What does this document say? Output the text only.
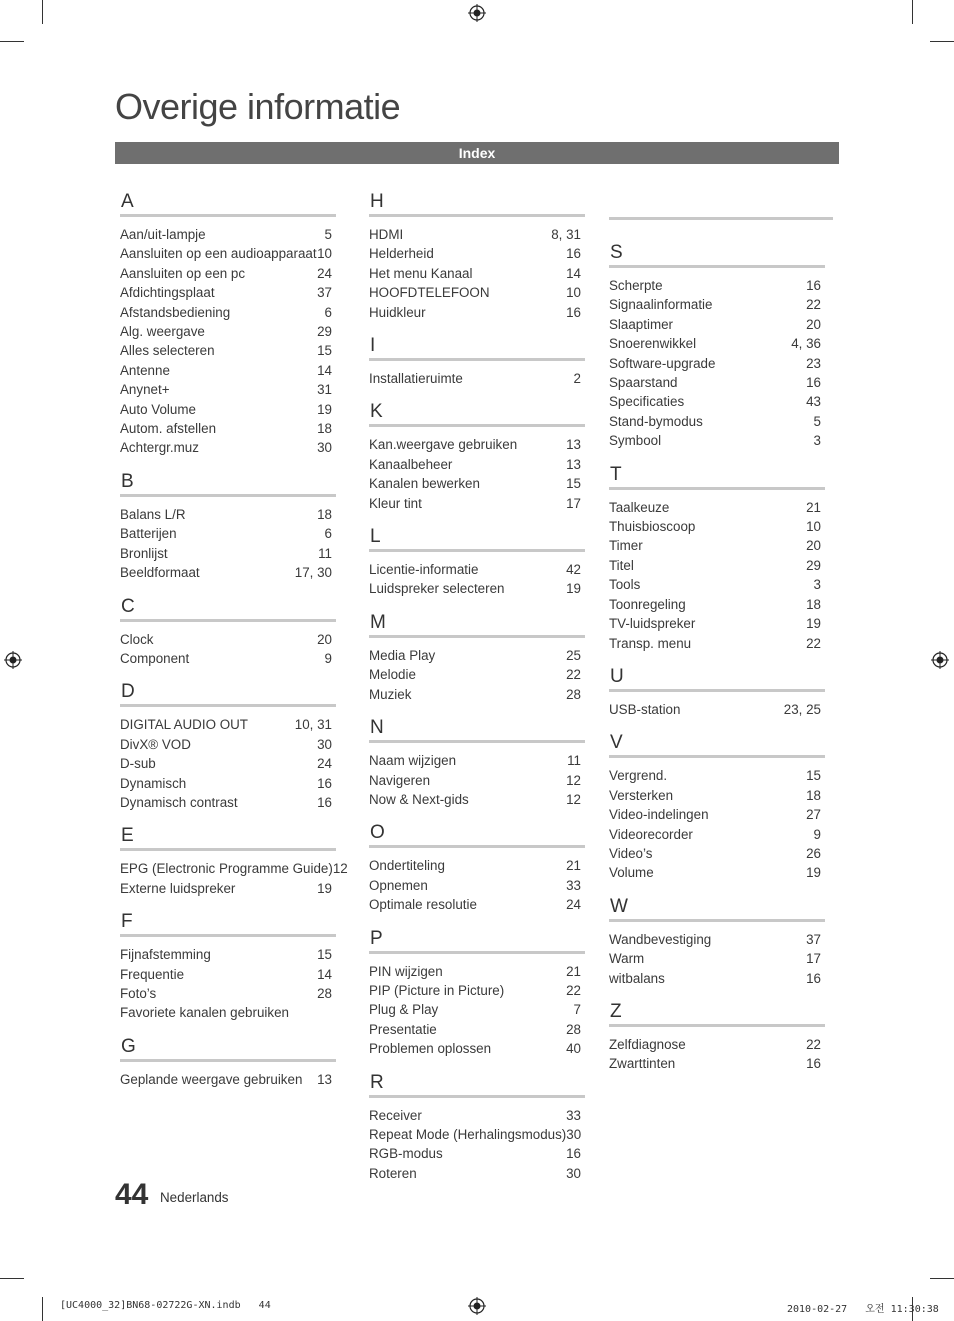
Overige informatie
Index
A
Aan/uit-lampje	5
Aansluiten op een audioapparaat 10
Aansluiten op een pc	24
Afdichtingsplaat	37
Afstandsbediening	6
Alg. weergave	29
Alles selecteren	15
Antenne	14
Anynet+	31
Auto Volume	19
Autom. afstellen	18
Achtergr.muz	30
B
Balans L/R	18
Batterijen	6
Bronlijst	11
Beeldformaat	17, 30
C
Clock	20
Component	9
D
DIGITAL AUDIO OUT	10, 31
DivX® VOD	30
D-sub	24
Dynamisch	16
Dynamisch contrast	16
E
EPG (Electronic Programme Guide) 12
Externe luidspreker	19
F
Fijnafstemming	15
Frequentie	14
Foto’s	28
Favoriete kanalen gebruiken
G
Geplande weergave gebruiken 13
H
HDMI	8, 31
Helderheid	16
Het menu Kanaal	14
HOOFDTELEFOON	10
Huidkleur	16
I
Installatieruimte	2
K
Kan.weergave gebruiken	13
Kanaalbeheer	13
Kanalen bewerken	15
Kleur tint	17
L
Licentie-informatie	42
Luidspreker selecteren	19
M
Media Play	25
Melodie	22
Muziek	28
N
Naam wijzigen	11
Navigeren	12
Now & Next-gids	12
O
Ondertiteling	21
Opnemen	33
Optimale resolutie	24
P
PIN wijzigen	21
PIP (Picture in Picture)	22
Plug & Play	7
Presentatie	28
Problemen oplossen	40
R
Receiver	33
Repeat Mode (Herhalingsmodus) 30
RGB-modus	16
Roteren	30
S
Scherpte	16
Signaalinformatie	22
Slaaptimer	20
Snoerenwikkel	4, 36
Software-upgrade	23
Spaarstand	16
Specificaties	43
Stand-bymodus	5
Symbool	3
T
Taalkeuze	21
Thuisbioscoop	10
Timer	20
Titel	29
Tools	3
Toonregeling	18
TV-luidspreker	19
Transp. menu	22
U
USB-station	23, 25
V
Vergrend.	15
Versterken	18
Video-indelingen	27
Videorecorder	9
Video’s	26
Volume	19
W
Wandbevestiging	37
Warm	17
witbalans	16
Z
Zelfdiagnose	22
Zwarttinten	16
44 Nederlands
[UC4000_32]BN68-02722G-XN.indb   44	2010-02-27   오전 11:30:38
